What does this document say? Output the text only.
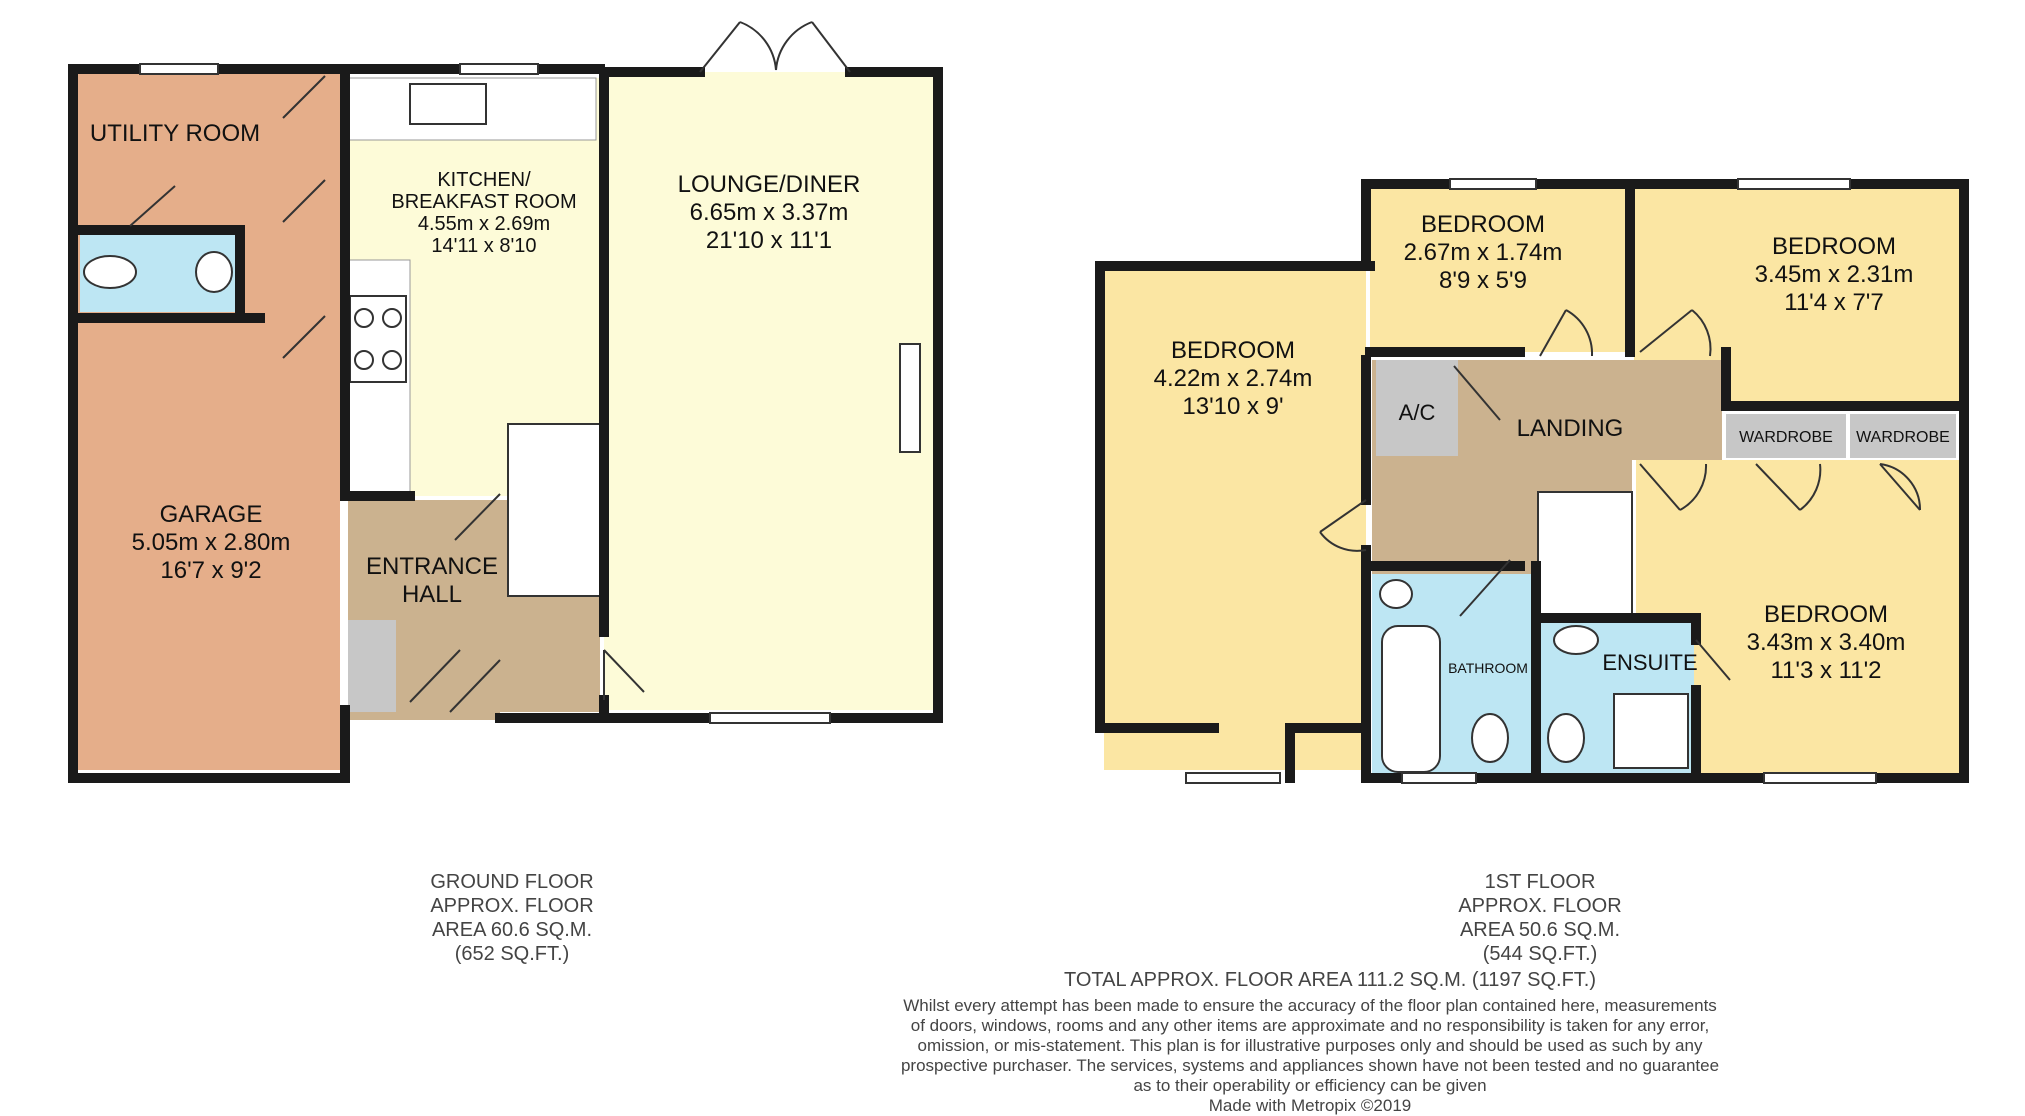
UTILITY ROOM
KITCHEN/
BREAKFAST ROOM
4.55m x 2.69m
14'11 x 8'10
LOUNGE/DINER
6.65m x 3.37m
21'10 x 11'1
GARAGE
5.05m x 2.80m
16'7 x 9'2	ENTRANCE
HALL
BEDROOM
4.22m x 2.74m
13'10 x 9'
BEDROOM
2.67m x 1.74m
8'9 x 5'9
BEDROOM
3.45m x 2.31m
11'4 x 7'7
BEDROOM
3.43m x 3.40m
11'3 x 11'2
A/C
LANDING	WARDROBE WARDROBE
BATHROOM	ENSUITE
GROUND FLOOR
APPROX. FLOOR
AREA 60.6 SQ.M.
(652 SQ.FT.)
1ST FLOOR
APPROX. FLOOR
AREA 50.6 SQ.M.
(544 SQ.FT.)
TOTAL APPROX. FLOOR AREA 111.2 SQ.M. (1197 SQ.FT.)
Whilst every attempt has been made to ensure the accuracy of the floor plan contained here, measurements
of doors, windows, rooms and any other items are approximate and no responsibility is taken for any error,
omission, or mis-statement. This plan is for illustrative purposes only and should be used as such by any
prospective purchaser. The services, systems and appliances shown have not been tested and no guarantee
as to their operability or efficiency can be given
Made with Metropix ©2019
